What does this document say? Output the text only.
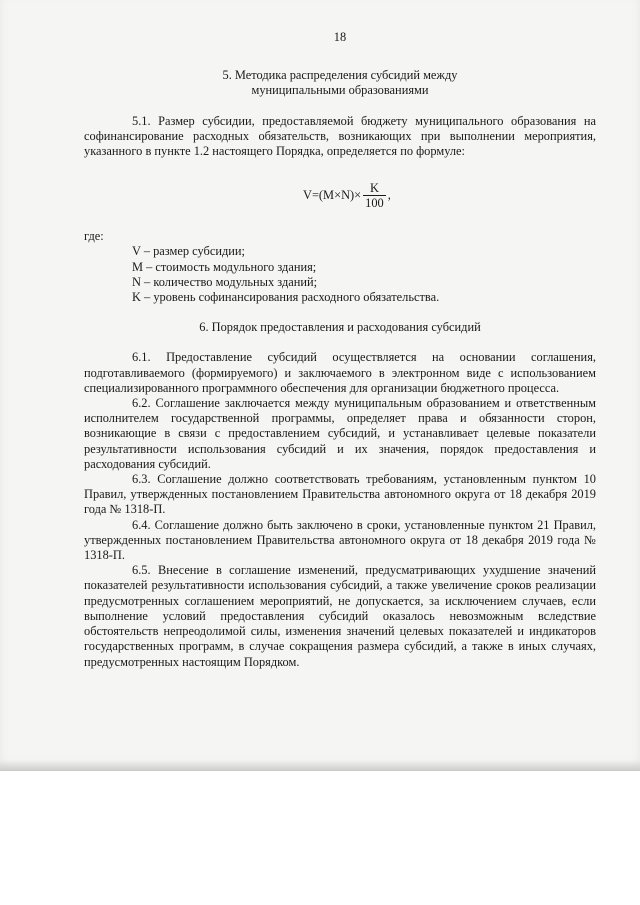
18
5. Методика распределения субсидий между
муниципальными образованиями

5.1. Размер субсидии, предоставляемой бюджету муниципального образования на софинансирование расходных обязательств, возникающих при выполнении мероприятия, указанного в пункте 1.2 настоящего Порядка, определяется по формуле:

$V=(M\times N)\times \frac{K}{100}$ ,
где:
V – размер субсидии;
М – стоимость модульного здания;
N – количество модульных зданий;
K – уровень софинансирования расходного обязательства.
6. Порядок предоставления и расходования субсидий

6.1. Предоставление субсидий осуществляется на основании соглашения, подготавливаемого (формируемого) и заключаемого в электронном виде с использованием специализированного программного обеспечения для организации бюджетного процесса.

6.2. Соглашение заключается между муниципальным образованием и ответственным исполнителем государственной программы, определяет права и обязанности сторон, возникающие в связи с предоставлением субсидий, и устанавливает целевые показатели результативности использования субсидий и их значения, порядок предоставления и расходования субсидий.

6.3. Соглашение должно соответствовать требованиям, установленным пунктом 10 Правил, утвержденных постановлением Правительства автономного округа от 18 декабря 2019 года № 1318-П.

6.4. Соглашение должно быть заключено в сроки, установленные пунктом 21 Правил, утвержденных постановлением Правительства автономного округа от 18 декабря 2019 года № 1318-П.

6.5. Внесение в соглашение изменений, предусматривающих ухудшение значений показателей результативности использования субсидий, а также увеличение сроков реализации предусмотренных соглашением мероприятий, не допускается, за исключением случаев, если выполнение условий предоставления субсидий оказалось невозможным вследствие обстоятельств непреодолимой силы, изменения значений целевых показателей и индикаторов государственных программ, в случае сокращения размера субсидий, а также в иных случаях, предусмотренных настоящим Порядком.
